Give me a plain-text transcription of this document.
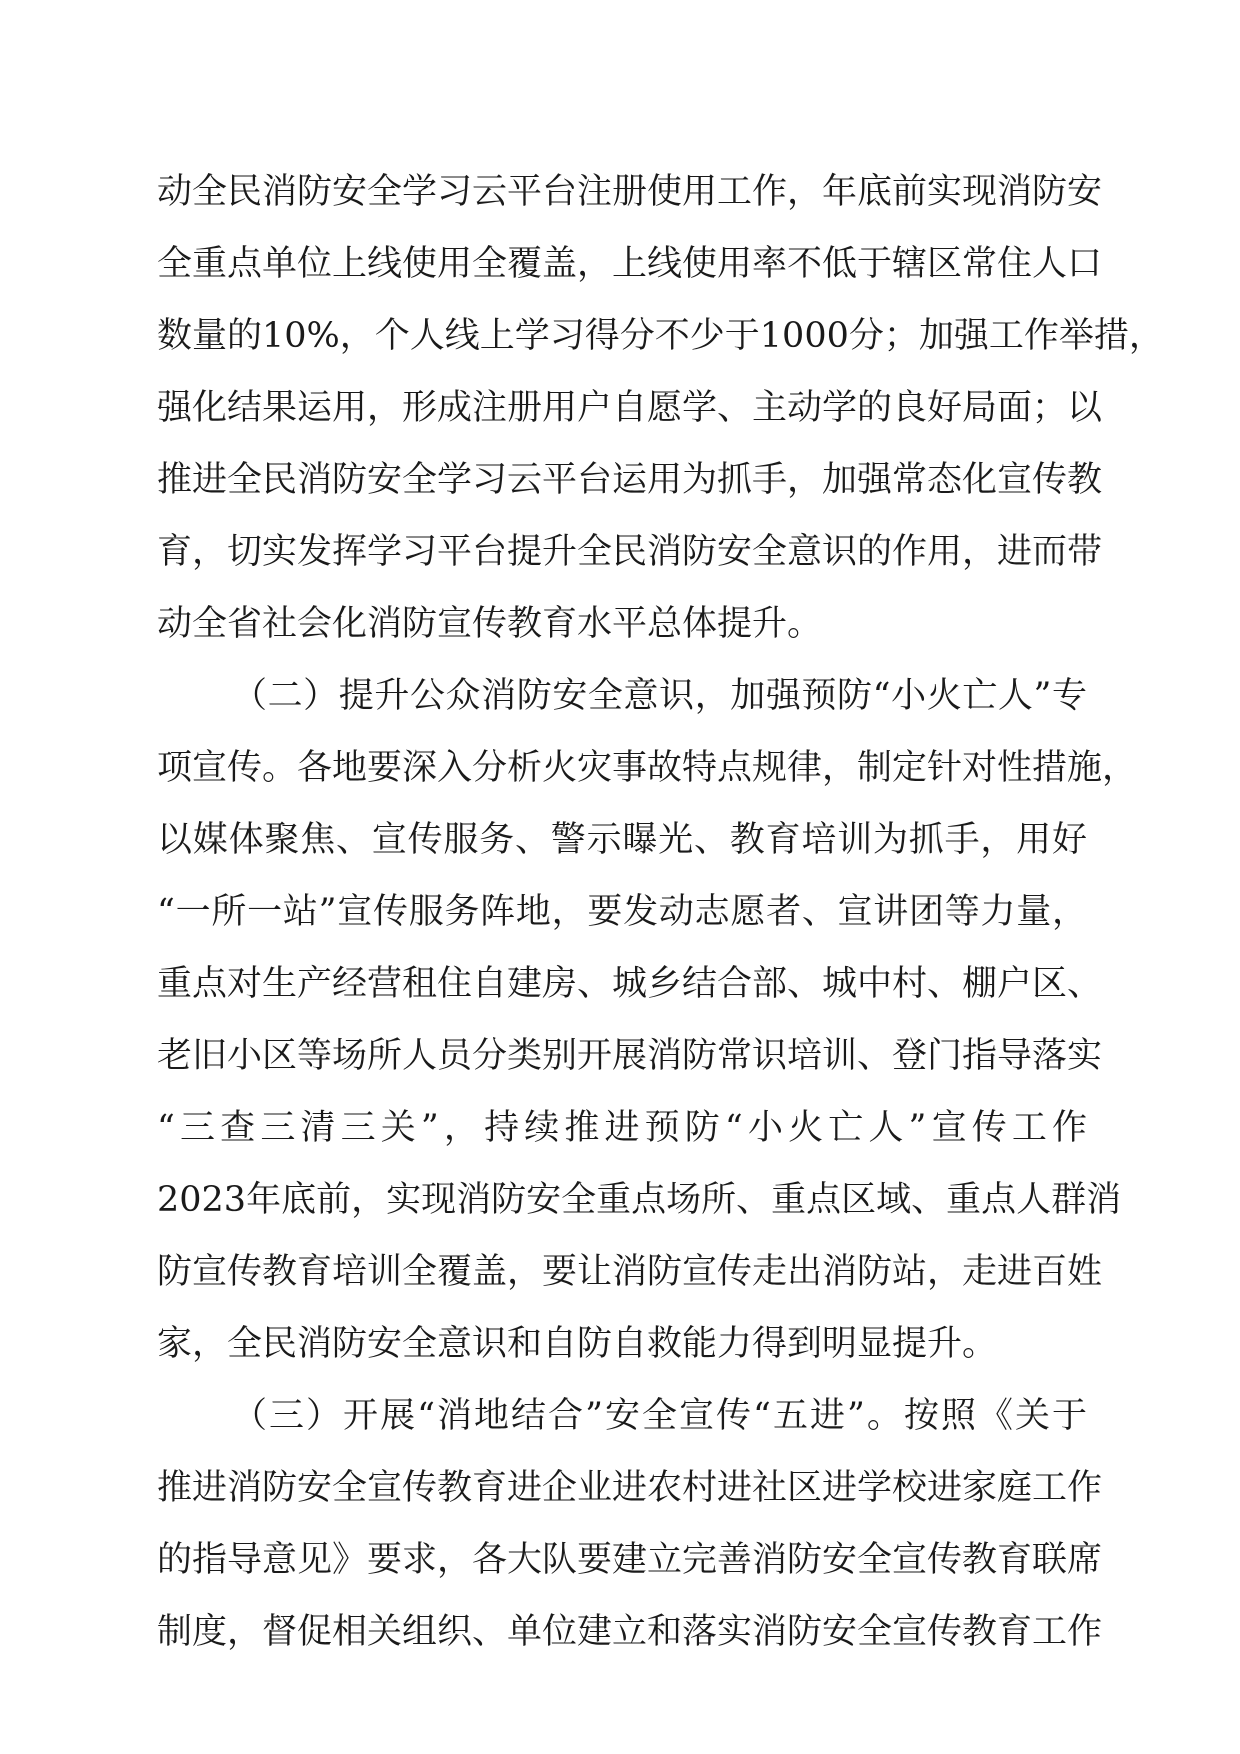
动全民消防安全学习云平台注册使用工作，年底前实现消防安

全重点单位上线使用全覆盖，上线使用率不低于辖区常住人口

数量的10%，个人线上学习得分不少于1000分；加强工作举措，

强化结果运用，形成注册用户自愿学、主动学的良好局面；以

推进全民消防安全学习云平台运用为抓手，加强常态化宣传教

育，切实发挥学习平台提升全民消防安全意识的作用，进而带

动全省社会化消防宣传教育水平总体提升。

（二）提升公众消防安全意识，加强预防“小火亡人”专

项宣传。各地要深入分析火灾事故特点规律，制定针对性措施，

以媒体聚焦、宣传服务、警示曝光、教育培训为抓手，用好

“一所一站”宣传服务阵地，要发动志愿者、宣讲团等力量，

重点对生产经营租住自建房、城乡结合部、城中村、棚户区、

老旧小区等场所人员分类别开展消防常识培训、登门指导落实

“三查三清三关”，持续推进预防“小火亡人”宣传工作

2023年底前，实现消防安全重点场所、重点区域、重点人群消

防宣传教育培训全覆盖，要让消防宣传走出消防站，走进百姓

家，全民消防安全意识和自防自救能力得到明显提升。

（三）开展“消地结合”安全宣传“五进”。按照《关于

推进消防安全宣传教育进企业进农村进社区进学校进家庭工作

的指导意见》要求，各大队要建立完善消防安全宣传教育联席

制度，督促相关组织、单位建立和落实消防安全宣传教育工作
